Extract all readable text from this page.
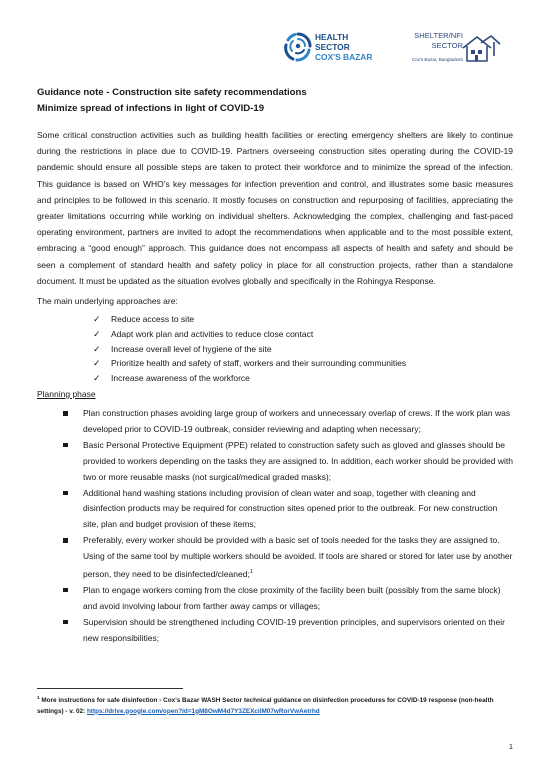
HEALTH
SECTOR
COX'S BAZAR
SHELTER/NFI
SECTOR
Cox's Bazar, Bangladesh
Guidance note - Construction site safety recommendations
Minimize spread of infections in light of COVID-19

Some critical construction activities such as building health facilities or erecting emergency shelters are likely to continue during the restrictions in place due to COVID-19. Partners overseeing construction sites operating during the COVID-19 pandemic should ensure all possible steps are taken to protect their workforce and to minimize the spread of the infection. This guidance is based on WHO’s key messages for infection prevention and control, and illustrates some basic measures and principles to be followed in this scenario. It mostly focuses on construction and repurposing of facilities, appreciating the greater limitations occurring while working on individual shelters. Acknowledging the complex, challenging and fast-paced operating environment, partners are invited to adopt the recommendations when applicable and to the most possible extent, embracing a “good enough” approach. This guidance does not encompass all aspects of health and safety and should be seen a complement of standard health and safety policy in place for all construction projects, rather than a standalone document. It must be updated as the situation evolves globally and specifically in the Rohingya Response.

The main underlying approaches are:
✓ Reduce access to site
✓ Adapt work plan and activities to reduce close contact
✓ Increase overall level of hygiene of the site
✓ Prioritize health and safety of staff, workers and their surrounding communities
✓ Increase awareness of the workforce
Planning phase
Plan construction phases avoiding large group of workers and unnecessary overlap of crews. If the work plan was developed prior to COVID-19 outbreak, consider reviewing and adapting when necessary;
Basic Personal Protective Equipment (PPE) related to construction safety such as gloved and glasses should be provided to workers depending on the tasks they are assigned to. In addition, each worker should be provided with two or more reusable masks (not surgical/medical graded masks);
Additional hand washing stations including provision of clean water and soap, together with cleaning and disinfection products may be required for construction sites opened prior to the outbreak. For new construction site, plan and budget provision of these items;
Preferably, every worker should be provided with a basic set of tools needed for the tasks they are assigned to. Using of the same tool by multiple workers should be avoided. If tools are shared or stored for later use by another person, they need to be disinfected/cleaned;$^1$
Plan to engage workers coming from the close proximity of the facility been built (possibly from the same block) and avoid involving labour from farther away camps or villages;
Supervision should be strengthened including COVID-19 prevention principles, and supervisors oriented on their new responsibilities;
$^1$ More instructions for safe disinfection - Cox's Bazar WASH Sector technical guidance on disinfection procedures for COVID-19 response (non-health settings) - v. 02: https://drive.google.com/open?id=1gM8OwM4d7Y3ZEXcilM07wRorVwAetrhd
1
